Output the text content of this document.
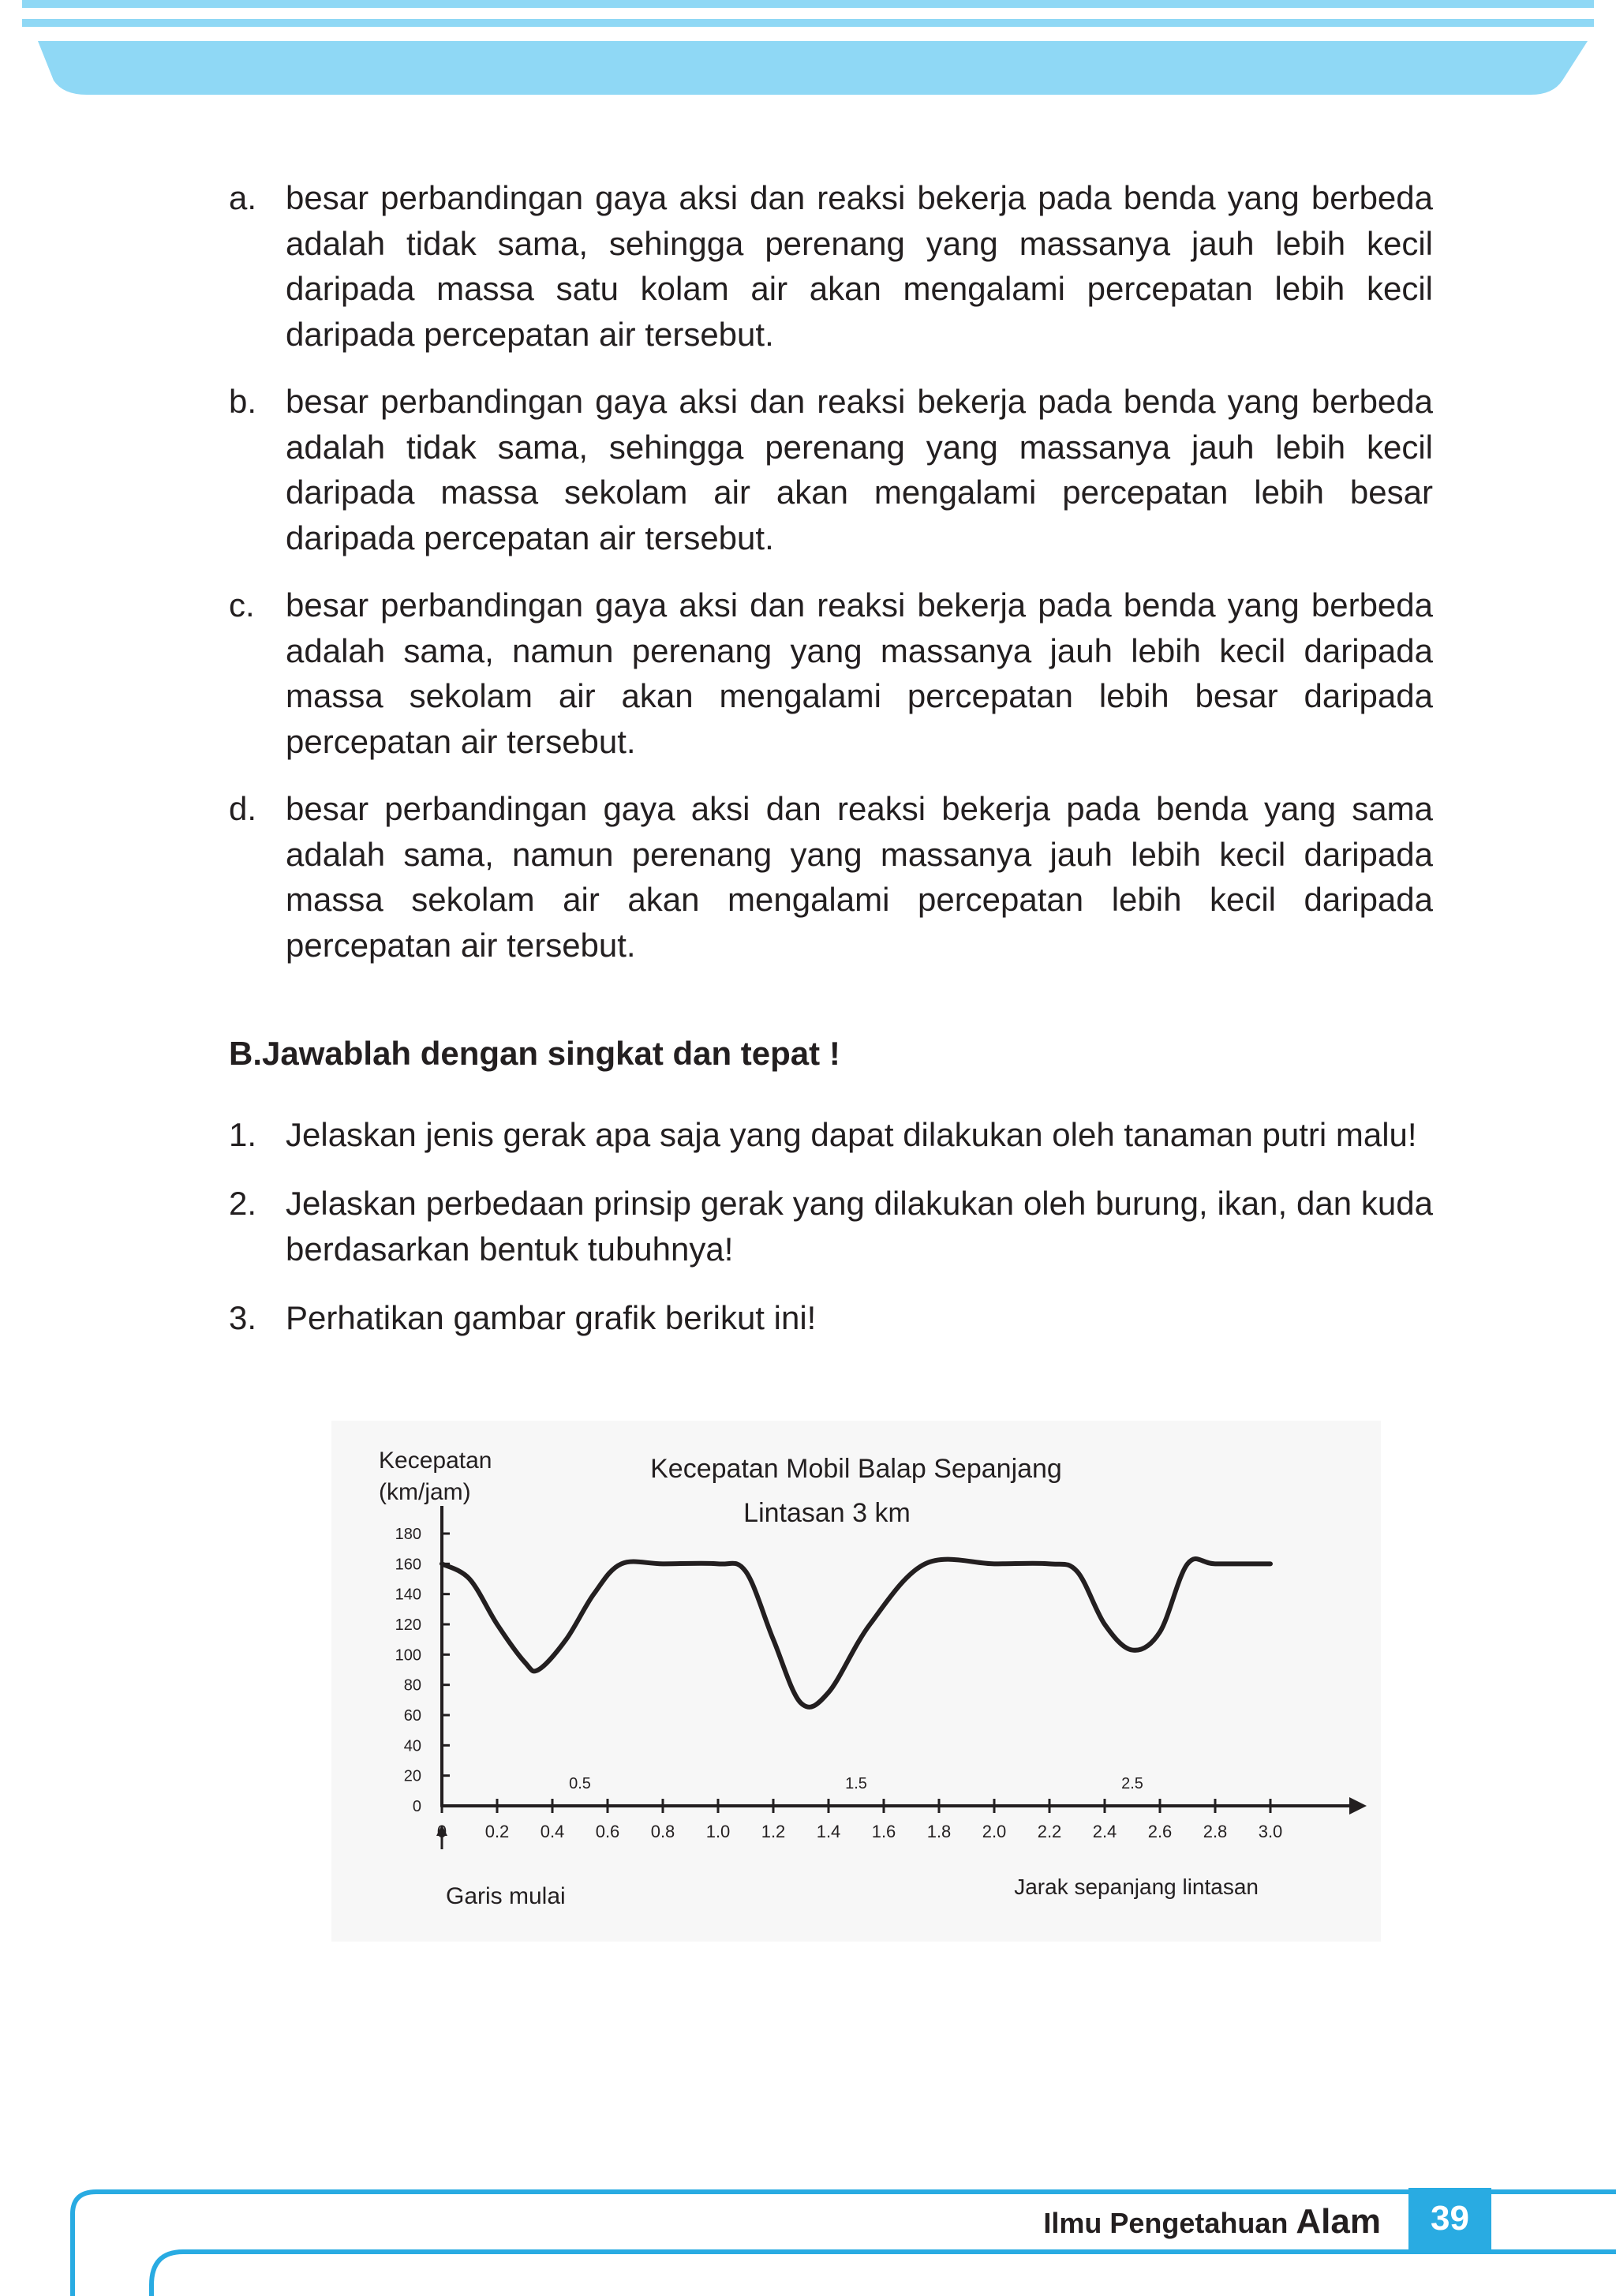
a. besar perbandingan gaya aksi dan reaksi bekerja pada benda yang berbeda adalah tidak sama, sehingga perenang yang massanya jauh lebih kecil daripada massa satu kolam air akan mengalami percepatan lebih kecil daripada percepatan air tersebut.
b. besar perbandingan gaya aksi dan reaksi bekerja pada benda yang berbeda adalah tidak sama, sehingga perenang yang massanya jauh lebih kecil daripada massa sekolam air akan mengalami percepatan lebih besar daripada percepatan air tersebut.
c. besar perbandingan gaya aksi dan reaksi bekerja pada benda yang berbeda adalah sama, namun perenang yang massanya jauh lebih kecil daripada massa sekolam air akan mengalami percepatan lebih besar daripada percepatan air tersebut.
d. besar perbandingan gaya aksi dan reaksi bekerja pada benda yang sama adalah sama, namun perenang yang massanya jauh lebih kecil daripada massa sekolam air akan mengalami percepatan lebih kecil daripada percepatan air tersebut.
B.Jawablah dengan singkat dan tepat !
1. Jelaskan jenis gerak apa saja yang dapat dilakukan oleh tanaman putri malu!
2. Jelaskan perbedaan prinsip gerak yang dilakukan oleh burung, ikan, dan kuda berdasarkan bentuk tubuhnya!
3. Perhatikan gambar grafik berikut ini!
Kecepatan
(km/jam)
Kecepatan Mobil Balap Sepanjang
Lintasan 3 km
0
20
40
60
80
100
120
140
160
180
0 0.2 0.4 0.6 0.8 1.0 1.2 1.4 1.6 1.8 2.0 2.2 2.4 2.6 2.8 3.0
0.5	1.5	2.5
Garis mulai	Jarak sepanjang lintasan
Ilmu Pengetahuan Alam	39
